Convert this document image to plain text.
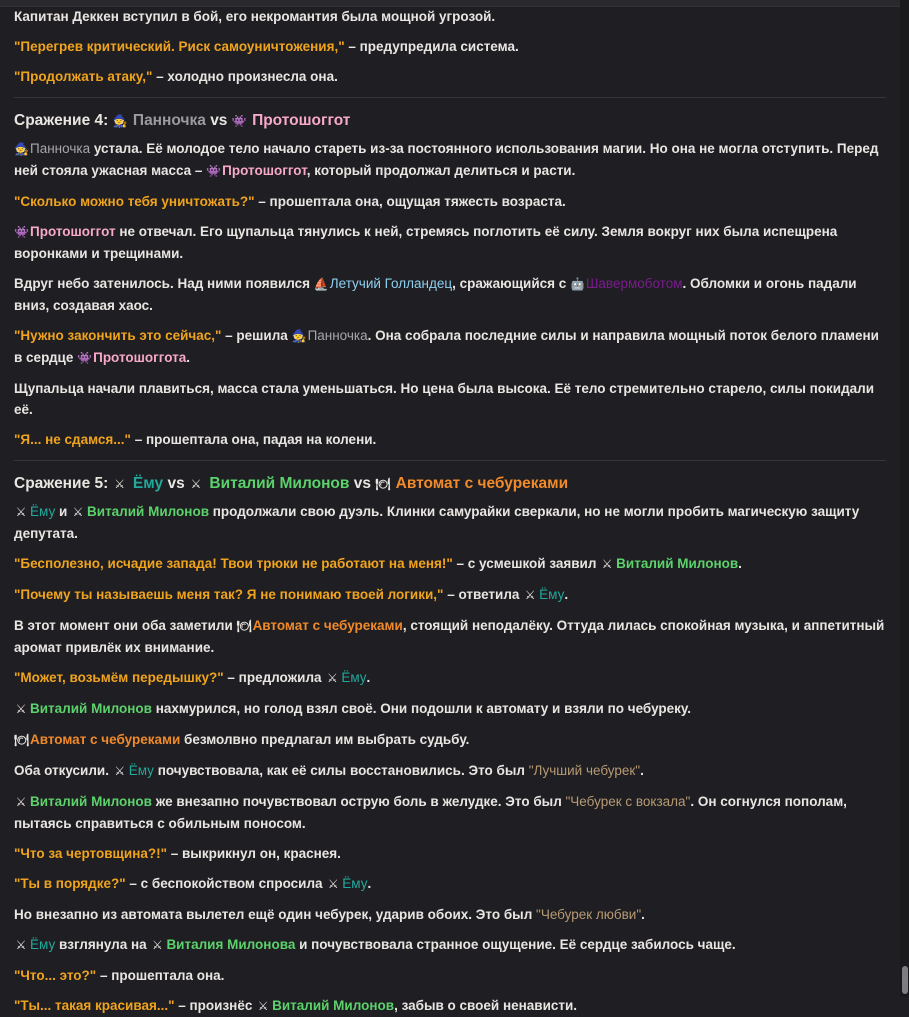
Капитан Деккен вступил в бой, его некромантия была мощной угрозой.

"Перегрев критический. Риск самоуничтожения," – предупредила система.

"Продолжать атаку," – холодно произнесла она.

Сражение 4: 🧙 Панночка vs 👾 Протошоггот

🧙Панночка устала. Её молодое тело начало стареть из-за постоянного использования магии. Но она не могла отступить. Перед ней стояла ужасная масса – 👾Протошоггот, который продолжал делиться и расти.

"Сколько можно тебя уничтожать?" – прошептала она, ощущая тяжесть возраста.

👾Протошоггот не отвечал. Его щупальца тянулись к ней, стремясь поглотить её силу. Земля вокруг них была испещрена воронками и трещинами.

Вдруг небо затенилось. Над ними появился ⛵Летучий Голландец, сражающийся с 🤖Шавермоботом. Обломки и огонь падали вниз, создавая хаос.

"Нужно закончить это сейчас," – решила 🧙Панночка. Она собрала последние силы и направила мощный поток белого пламени в сердце 👾Протошоггота.

Щупальца начали плавиться, масса стала уменьшаться. Но цена была высока. Её тело стремительно старело, силы покидали её.

"Я... не сдамся..." – прошептала она, падая на колени.

Сражение 5: ⚔ Ёму vs ⚔ Виталий Милонов vs 🍽 Автомат с чебуреками

⚔ Ёму и ⚔ Виталий Милонов продолжали свою дуэль. Клинки самурайки сверкали, но не могли пробить магическую защиту депутата.

"Бесполезно, исчадие запада! Твои трюки не работают на меня!" – с усмешкой заявил ⚔ Виталий Милонов.

"Почему ты называешь меня так? Я не понимаю твоей логики," – ответила ⚔ Ёму.

В этот момент они оба заметили 🍽Автомат с чебуреками, стоящий неподалёку. Оттуда лилась спокойная музыка, и аппетитный аромат привлёк их внимание.

"Может, возьмём передышку?" – предложила ⚔ Ёму.

⚔ Виталий Милонов нахмурился, но голод взял своё. Они подошли к автомату и взяли по чебуреку.

🍽Автомат с чебуреками безмолвно предлагал им выбрать судьбу.

Оба откусили. ⚔ Ёму почувствовала, как её силы восстановились. Это был "Лучший чебурек".

⚔ Виталий Милонов же внезапно почувствовал острую боль в желудке. Это был "Чебурек с вокзала". Он согнулся пополам, пытаясь справиться с обильным поносом.

"Что за чертовщина?!" – выкрикнул он, краснея.

"Ты в порядке?" – с беспокойством спросила ⚔ Ёму.

Но внезапно из автомата вылетел ещё один чебурек, ударив обоих. Это был "Чебурек любви".

⚔ Ёму взглянула на ⚔ Виталия Милонова и почувствовала странное ощущение. Её сердце забилось чаще.

"Что... это?" – прошептала она.

"Ты... такая красивая..." – произнёс ⚔ Виталий Милонов, забыв о своей ненависти.
